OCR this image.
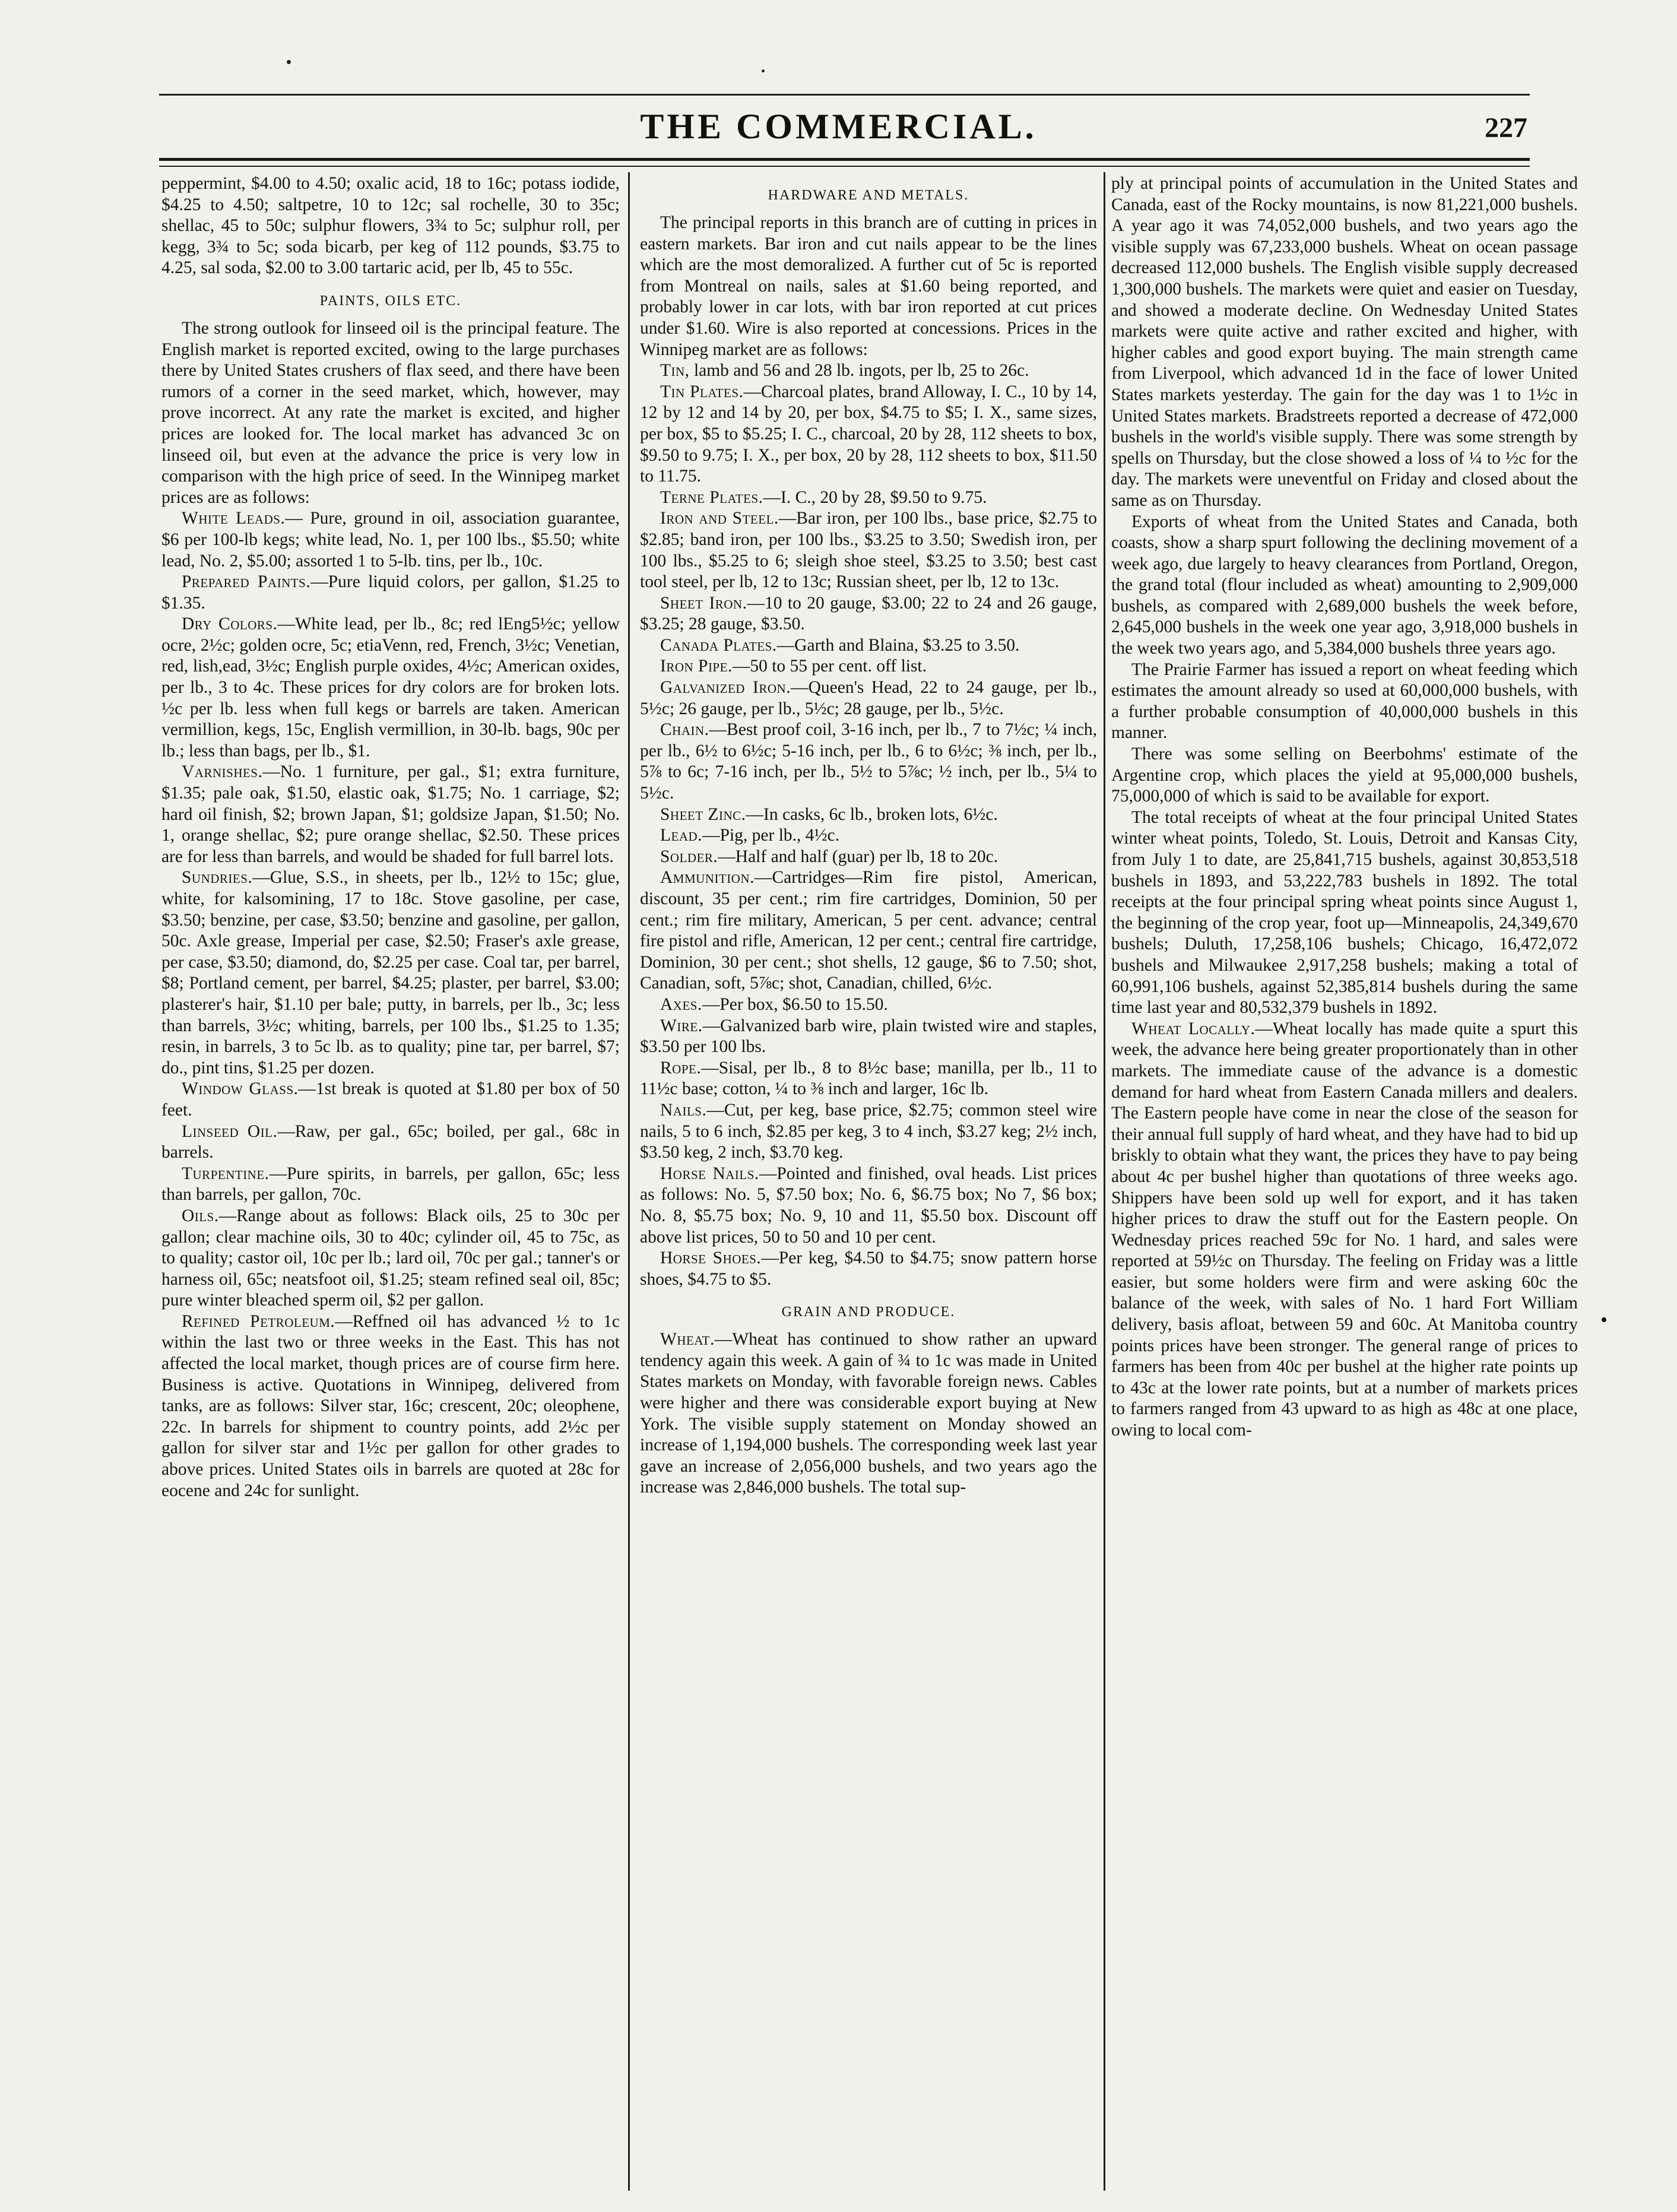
THE COMMERCIAL.	227

peppermint, $4.00 to 4.50; oxalic acid, 18 to 16c; potass iodide, $4.25 to 4.50; saltpetre, 10 to 12c; sal rochelle, 30 to 35c; shellac, 45 to 50c; sulphur flowers, 3¾ to 5c; sulphur roll, per kegg, 3¾ to 5c; soda bicarb, per keg of 112 pounds, $3.75 to 4.25, sal soda, $2.00 to 3.00 tartaric acid, per lb, 45 to 55c.

PAINTS, OILS ETC.

The strong outlook for linseed oil is the principal feature. The English market is reported excited, owing to the large purchases there by United States crushers of flax seed, and there have been rumors of a corner in the seed market, which, however, may prove incorrect. At any rate the market is excited, and higher prices are looked for. The local market has advanced 3c on linseed oil, but even at the advance the price is very low in comparison with the high price of seed. In the Winnipeg market prices are as follows:

White Leads.— Pure, ground in oil, association guarantee, $6 per 100-lb kegs; white lead, No. 1, per 100 lbs., $5.50; white lead, No. 2, $5.00; assorted 1 to 5-lb. tins, per lb., 10c.

Prepared Paints.—Pure liquid colors, per gallon, $1.25 to $1.35.

Dry Colors.—White lead, per lb., 8c; red lEng5½c; yellow ocre, 2½c; golden ocre, 5c; etiaVenn, red, French, 3½c; Venetian, red, lish,ead, 3½c; English purple oxides, 4½c; American oxides, per lb., 3 to 4c. These prices for dry colors are for broken lots. ½c per lb. less when full kegs or barrels are taken. American vermillion, kegs, 15c, English vermillion, in 30-lb. bags, 90c per lb.; less than bags, per lb., $1.

Varnishes.—No. 1 furniture, per gal., $1; extra furniture, $1.35; pale oak, $1.50, elastic oak, $1.75; No. 1 carriage, $2; hard oil finish, $2; brown Japan, $1; goldsize Japan, $1.50; No. 1, orange shellac, $2; pure orange shellac, $2.50. These prices are for less than barrels, and would be shaded for full barrel lots.

Sundries.—Glue, S.S., in sheets, per lb., 12½ to 15c; glue, white, for kalsomining, 17 to 18c. Stove gasoline, per case, $3.50; benzine, per case, $3.50; benzine and gasoline, per gallon, 50c. Axle grease, Imperial per case, $2.50; Fraser's axle grease, per case, $3.50; diamond, do, $2.25 per case. Coal tar, per barrel, $8; Portland cement, per barrel, $4.25; plaster, per barrel, $3.00; plasterer's hair, $1.10 per bale; putty, in barrels, per lb., 3c; less than barrels, 3½c; whiting, barrels, per 100 lbs., $1.25 to 1.35; resin, in barrels, 3 to 5c lb. as to quality; pine tar, per barrel, $7; do., pint tins, $1.25 per dozen.

Window Glass.—1st break is quoted at $1.80 per box of 50 feet.

Linseed Oil.—Raw, per gal., 65c; boiled, per gal., 68c in barrels.

Turpentine.—Pure spirits, in barrels, per gallon, 65c; less than barrels, per gallon, 70c.

Oils.—Range about as follows: Black oils, 25 to 30c per gallon; clear machine oils, 30 to 40c; cylinder oil, 45 to 75c, as to quality; castor oil, 10c per lb.; lard oil, 70c per gal.; tanner's or harness oil, 65c; neatsfoot oil, $1.25; steam refined seal oil, 85c; pure winter bleached sperm oil, $2 per gallon.

Refined Petroleum.—Reffned oil has advanced ½ to 1c within the last two or three weeks in the East. This has not affected the local market, though prices are of course firm here. Business is active. Quotations in Winnipeg, delivered from tanks, are as follows: Silver star, 16c; crescent, 20c; oleophene, 22c. In barrels for shipment to country points, add 2½c per gallon for silver star and 1½c per gallon for other grades to above prices. United States oils in barrels are quoted at 28c for eocene and 24c for sunlight.

HARDWARE AND METALS.

The principal reports in this branch are of cutting in prices in eastern markets. Bar iron and cut nails appear to be the lines which are the most demoralized. A further cut of 5c is reported from Montreal on nails, sales at $1.60 being reported, and probably lower in car lots, with bar iron reported at cut prices under $1.60. Wire is also reported at concessions. Prices in the Winnipeg market are as follows:

Tin, lamb and 56 and 28 lb. ingots, per lb, 25 to 26c.

Tin Plates.—Charcoal plates, brand Alloway, I. C., 10 by 14, 12 by 12 and 14 by 20, per box, $4.75 to $5; I. X., same sizes, per box, $5 to $5.25; I. C., charcoal, 20 by 28, 112 sheets to box, $9.50 to 9.75; I. X., per box, 20 by 28, 112 sheets to box, $11.50 to 11.75.

Terne Plates.—I. C., 20 by 28, $9.50 to 9.75.

Iron and Steel.—Bar iron, per 100 lbs., base price, $2.75 to $2.85; band iron, per 100 lbs., $3.25 to 3.50; Swedish iron, per 100 lbs., $5.25 to 6; sleigh shoe steel, $3.25 to 3.50; best cast tool steel, per lb, 12 to 13c; Russian sheet, per lb, 12 to 13c.

Sheet Iron.—10 to 20 gauge, $3.00; 22 to 24 and 26 gauge, $3.25; 28 gauge, $3.50.

Canada Plates.—Garth and Blaina, $3.25 to 3.50.

Iron Pipe.—50 to 55 per cent. off list.

Galvanized Iron.—Queen's Head, 22 to 24 gauge, per lb., 5½c; 26 gauge, per lb., 5½c; 28 gauge, per lb., 5½c.

Chain.—Best proof coil, 3-16 inch, per lb., 7 to 7½c; ¼ inch, per lb., 6½ to 6½c; 5-16 inch, per lb., 6 to 6½c; ⅜ inch, per lb., 5⅞ to 6c; 7-16 inch, per lb., 5½ to 5⅞c; ½ inch, per lb., 5¼ to 5½c.

Sheet Zinc.—In casks, 6c lb., broken lots, 6½c.

Lead.—Pig, per lb., 4½c.

Solder.—Half and half (guar) per lb, 18 to 20c.

Ammunition.—Cartridges—Rim fire pistol, American, discount, 35 per cent.; rim fire cartridges, Dominion, 50 per cent.; rim fire military, American, 5 per cent. advance; central fire pistol and rifle, American, 12 per cent.; central fire cartridge, Dominion, 30 per cent.; shot shells, 12 gauge, $6 to 7.50; shot, Canadian, soft, 5⅞c; shot, Canadian, chilled, 6½c.

Axes.—Per box, $6.50 to 15.50.

Wire.—Galvanized barb wire, plain twisted wire and staples, $3.50 per 100 lbs.

Rope.—Sisal, per lb., 8 to 8½c base; manilla, per lb., 11 to 11½c base; cotton, ¼ to ⅜ inch and larger, 16c lb.

Nails.—Cut, per keg, base price, $2.75; common steel wire nails, 5 to 6 inch, $2.85 per keg, 3 to 4 inch, $3.27 keg; 2½ inch, $3.50 keg, 2 inch, $3.70 keg.

Horse Nails.—Pointed and finished, oval heads. List prices as follows: No. 5, $7.50 box; No. 6, $6.75 box; No 7, $6 box; No. 8, $5.75 box; No. 9, 10 and 11, $5.50 box. Discount off above list prices, 50 to 50 and 10 per cent.

Horse Shoes.—Per keg, $4.50 to $4.75; snow pattern horse shoes, $4.75 to $5.

GRAIN AND PRODUCE.

Wheat.—Wheat has continued to show rather an upward tendency again this week. A gain of ¾ to 1c was made in United States markets on Monday, with favorable foreign news. Cables were higher and there was considerable export buying at New York. The visible supply statement on Monday showed an increase of 1,194,000 bushels. The corresponding week last year gave an increase of 2,056,000 bushels, and two years ago the increase was 2,846,000 bushels. The total sup-

ply at principal points of accumulation in the United States and Canada, east of the Rocky mountains, is now 81,221,000 bushels. A year ago it was 74,052,000 bushels, and two years ago the visible supply was 67,233,000 bushels. Wheat on ocean passage decreased 112,000 bushels. The English visible supply decreased 1,300,000 bushels. The markets were quiet and easier on Tuesday, and showed a moderate decline. On Wednesday United States markets were quite active and rather excited and higher, with higher cables and good export buying. The main strength came from Liverpool, which advanced 1d in the face of lower United States markets yesterday. The gain for the day was 1 to 1½c in United States markets. Bradstreets reported a decrease of 472,000 bushels in the world's visible supply. There was some strength by spells on Thursday, but the close showed a loss of ¼ to ½c for the day. The markets were uneventful on Friday and closed about the same as on Thursday.

Exports of wheat from the United States and Canada, both coasts, show a sharp spurt following the declining movement of a week ago, due largely to heavy clearances from Portland, Oregon, the grand total (flour included as wheat) amounting to 2,909,000 bushels, as compared with 2,689,000 bushels the week before, 2,645,000 bushels in the week one year ago, 3,918,000 bushels in the week two years ago, and 5,384,000 bushels three years ago.

The Prairie Farmer has issued a report on wheat feeding which estimates the amount already so used at 60,000,000 bushels, with a further probable consumption of 40,000,000 bushels in this manner.

There was some selling on Beerbohms' estimate of the Argentine crop, which places the yield at 95,000,000 bushels, 75,000,000 of which is said to be available for export.

The total receipts of wheat at the four principal United States winter wheat points, Toledo, St. Louis, Detroit and Kansas City, from July 1 to date, are 25,841,715 bushels, against 30,853,518 bushels in 1893, and 53,222,783 bushels in 1892. The total receipts at the four principal spring wheat points since August 1, the beginning of the crop year, foot up—Minneapolis, 24,349,670 bushels; Duluth, 17,258,106 bushels; Chicago, 16,472,072 bushels and Milwaukee 2,917,258 bushels; making a total of 60,991,106 bushels, against 52,385,814 bushels during the same time last year and 80,532,379 bushels in 1892.

Wheat Locally.—Wheat locally has made quite a spurt this week, the advance here being greater proportionately than in other markets. The immediate cause of the advance is a domestic demand for hard wheat from Eastern Canada millers and dealers. The Eastern people have come in near the close of the season for their annual full supply of hard wheat, and they have had to bid up briskly to obtain what they want, the prices they have to pay being about 4c per bushel higher than quotations of three weeks ago. Shippers have been sold up well for export, and it has taken higher prices to draw the stuff out for the Eastern people. On Wednesday prices reached 59c for No. 1 hard, and sales were reported at 59½c on Thursday. The feeling on Friday was a little easier, but some holders were firm and were asking 60c the balance of the week, with sales of No. 1 hard Fort William delivery, basis afloat, between 59 and 60c. At Manitoba country points prices have been stronger. The general range of prices to farmers has been from 40c per bushel at the higher rate points up to 43c at the lower rate points, but at a number of markets prices to farmers ranged from 43 upward to as high as 48c at one place, owing to local com-

•
